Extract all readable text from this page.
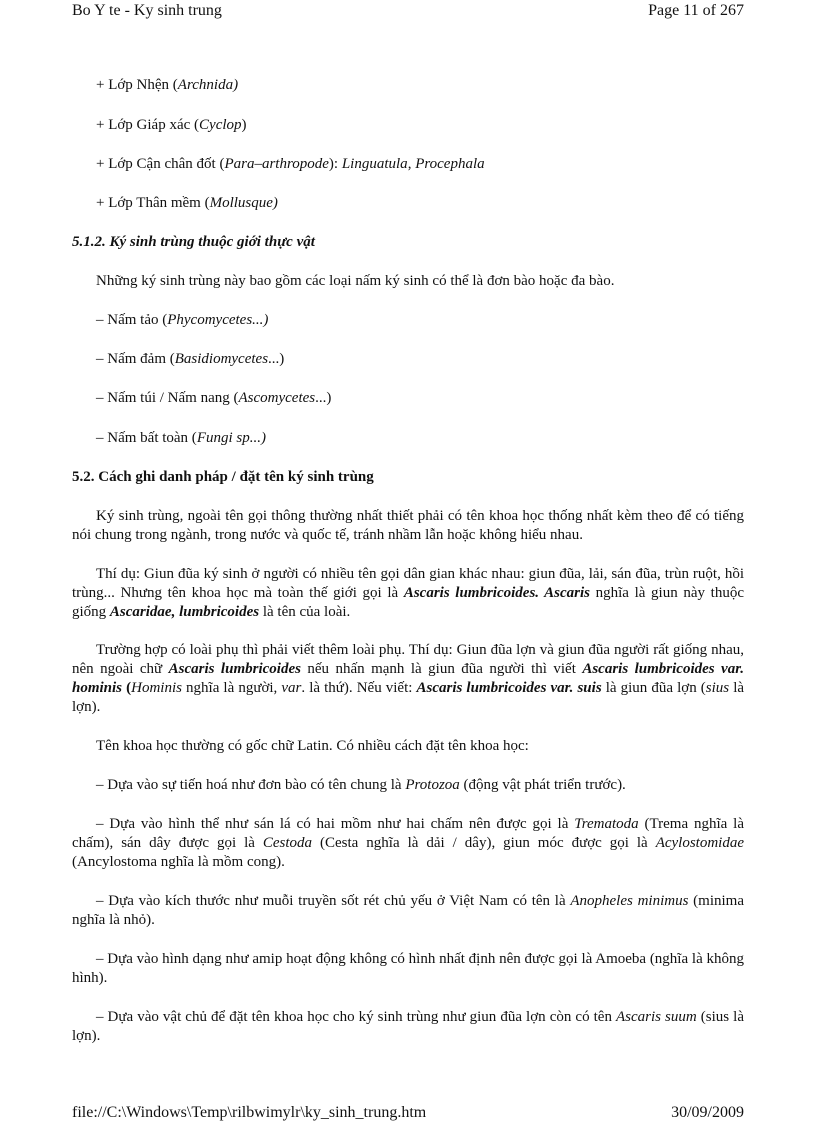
Bo Y te - Ky sinh trung	Page 11 of 267

+ Lớp Nhện (Archnida)

+ Lớp Giáp xác (Cyclop)

+ Lớp Cận chân đốt (Para–arthropode): Linguatula, Procephala

+ Lớp Thân mềm (Mollusque)

5.1.2. Ký sinh trùng thuộc giới thực vật

Những ký sinh trùng này bao gồm các loại nấm ký sinh có thể là đơn bào hoặc đa bào.

– Nấm tảo (Phycomycetes...)

– Nấm đảm (Basidiomycetes...)

– Nấm túi / Nấm nang (Ascomycetes...)

– Nấm bất toàn (Fungi sp...)

5.2. Cách ghi danh pháp / đặt tên ký sinh trùng

Ký sinh trùng, ngoài tên gọi thông thường nhất thiết phải có tên khoa học thống nhất kèm theo để có tiếng nói chung trong ngành, trong nước và quốc tế, tránh nhầm lẫn hoặc không hiểu nhau.

Thí dụ: Giun đũa ký sinh ở người có nhiều tên gọi dân gian khác nhau: giun đũa, lải, sán đũa, trùn ruột, hồi trùng... Nhưng tên khoa học mà toàn thế giới gọi là Ascaris lumbricoides. Ascaris nghĩa là giun này thuộc giống Ascaridae, lumbricoides là tên của loài.

Trường hợp có loài phụ thì phải viết thêm loài phụ. Thí dụ: Giun đũa lợn và giun đũa người rất giống nhau, nên ngoài chữ Ascaris lumbricoides nếu nhấn mạnh là giun đũa người thì viết Ascaris lumbricoides var. hominis (Hominis nghĩa là người, var. là thứ). Nếu viết: Ascaris lumbricoides var. suis là giun đũa lợn (sius là lợn).

Tên khoa học thường có gốc chữ Latin. Có nhiều cách đặt tên khoa học:

– Dựa vào sự tiến hoá như đơn bào có tên chung là Protozoa (động vật phát triển trước).

– Dựa vào hình thể như sán lá có hai mồm như hai chấm nên được gọi là Trematoda (Trema nghĩa là chấm), sán dây được gọi là Cestoda (Cesta nghĩa là dải / dây), giun móc được gọi là Acylostomidae (Ancylostoma nghĩa là mồm cong).

– Dựa vào kích thước như muỗi truyền sốt rét chủ yếu ở Việt Nam có tên là Anopheles minimus (minima nghĩa là nhỏ).

– Dựa vào hình dạng như amip hoạt động không có hình nhất định nên được gọi là Amoeba (nghĩa là không hình).

– Dựa vào vật chủ để đặt tên khoa học cho ký sinh trùng như giun đũa lợn còn có tên Ascaris suum (sius là lợn).

file://C:\Windows\Temp\rilbwimylr\ky_sinh_trung.htm	30/09/2009
